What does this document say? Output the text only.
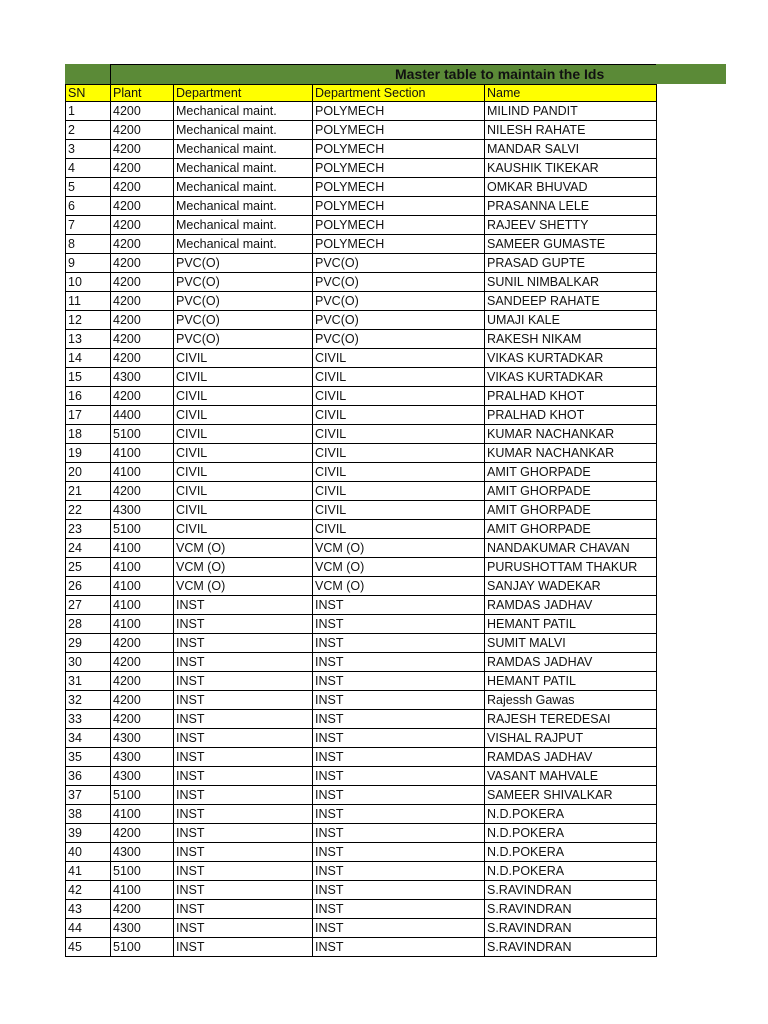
Master table to maintain the Ids
SN	Plant	Department	Department Section	Name
1	4200	Mechanical maint.	POLYMECH	MILIND PANDIT
2	4200	Mechanical maint.	POLYMECH	NILESH RAHATE
3	4200	Mechanical maint.	POLYMECH	MANDAR SALVI
4	4200	Mechanical maint.	POLYMECH	KAUSHIK TIKEKAR
5	4200	Mechanical maint.	POLYMECH	OMKAR BHUVAD
6	4200	Mechanical maint.	POLYMECH	PRASANNA LELE
7	4200	Mechanical maint.	POLYMECH	RAJEEV SHETTY
8	4200	Mechanical maint.	POLYMECH	SAMEER GUMASTE
9	4200	PVC(O)	PVC(O)	PRASAD GUPTE
10	4200	PVC(O)	PVC(O)	SUNIL NIMBALKAR
11	4200	PVC(O)	PVC(O)	SANDEEP RAHATE
12	4200	PVC(O)	PVC(O)	UMAJI KALE
13	4200	PVC(O)	PVC(O)	RAKESH NIKAM
14	4200	CIVIL	CIVIL	VIKAS KURTADKAR
15	4300	CIVIL	CIVIL	VIKAS KURTADKAR
16	4200	CIVIL	CIVIL	PRALHAD KHOT
17	4400	CIVIL	CIVIL	PRALHAD KHOT
18	5100	CIVIL	CIVIL	KUMAR NACHANKAR
19	4100	CIVIL	CIVIL	KUMAR NACHANKAR
20	4100	CIVIL	CIVIL	AMIT GHORPADE
21	4200	CIVIL	CIVIL	AMIT GHORPADE
22	4300	CIVIL	CIVIL	AMIT GHORPADE
23	5100	CIVIL	CIVIL	AMIT GHORPADE
24	4100	VCM (O)	VCM (O)	NANDAKUMAR CHAVAN
25	4100	VCM (O)	VCM (O)	PURUSHOTTAM THAKUR
26	4100	VCM (O)	VCM (O)	SANJAY WADEKAR
27	4100	INST	INST	RAMDAS JADHAV
28	4100	INST	INST	HEMANT PATIL
29	4200	INST	INST	SUMIT MALVI
30	4200	INST	INST	RAMDAS JADHAV
31	4200	INST	INST	HEMANT PATIL
32	4200	INST	INST	Rajessh Gawas
33	4200	INST	INST	RAJESH TEREDESAI
34	4300	INST	INST	VISHAL RAJPUT
35	4300	INST	INST	RAMDAS JADHAV
36	4300	INST	INST	VASANT MAHVALE
37	5100	INST	INST	SAMEER SHIVALKAR
38	4100	INST	INST	N.D.POKERA
39	4200	INST	INST	N.D.POKERA
40	4300	INST	INST	N.D.POKERA
41	5100	INST	INST	N.D.POKERA
42	4100	INST	INST	S.RAVINDRAN
43	4200	INST	INST	S.RAVINDRAN
44	4300	INST	INST	S.RAVINDRAN
45	5100	INST	INST	S.RAVINDRAN
